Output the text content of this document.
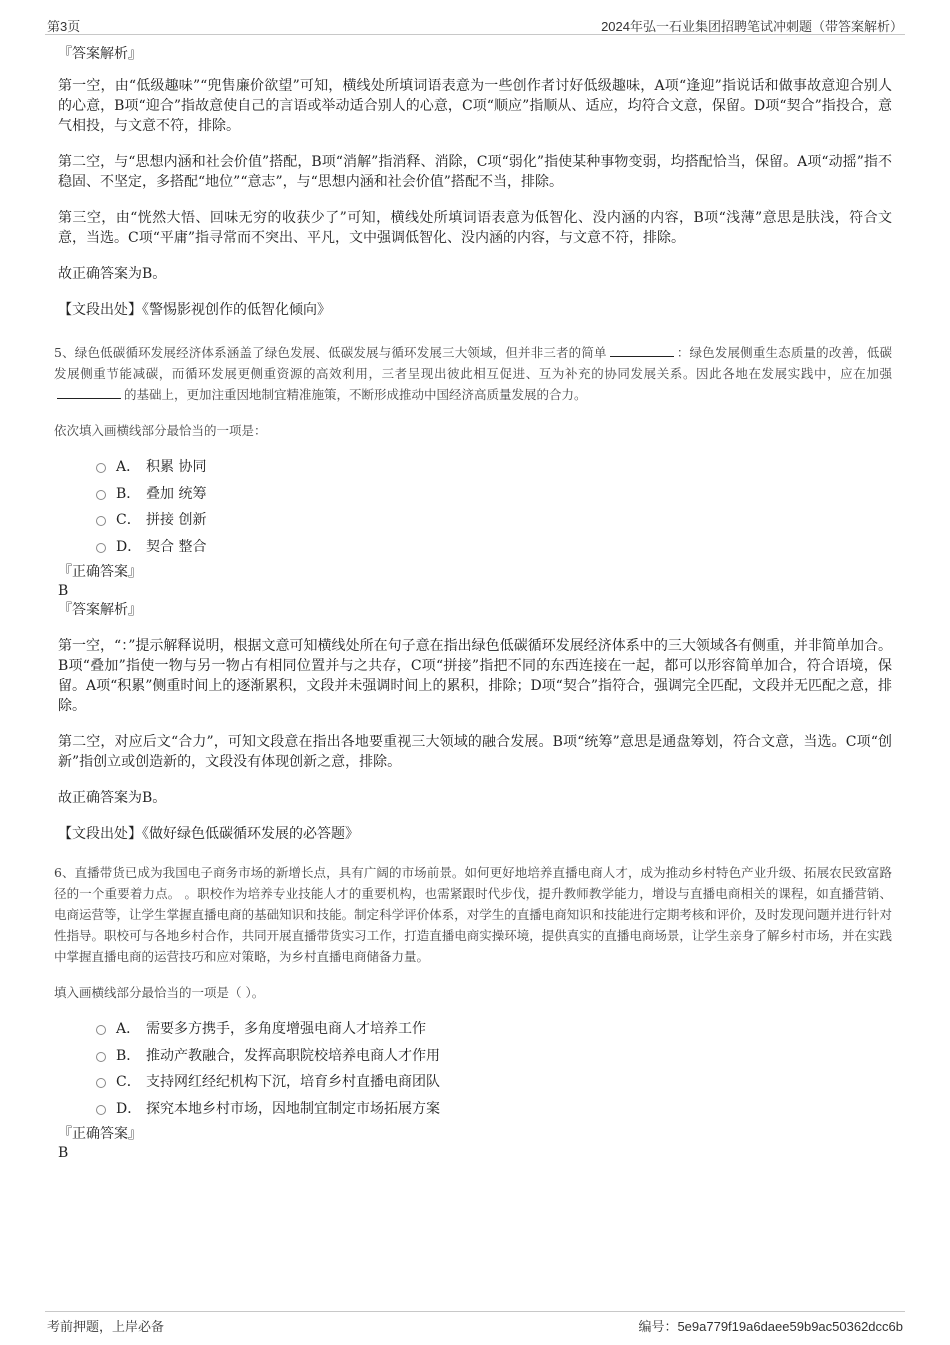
第3页	2024年弘一石业集团招聘笔试冲刺题（带答案解析）

『答案解析』

第一空，由“低级趣味”“兜售廉价欲望”可知，横线处所填词语表意为一些创作者讨好低级趣味，A项“逢迎”指说话和做事故意迎合别人的心意，B项“迎合”指故意使自己的言语或举动适合别人的心意，C项“顺应”指顺从、适应，均符合文意，保留。D项“契合”指投合，意气相投，与文意不符，排除。

第二空，与“思想内涵和社会价值”搭配，B项“消解”指消释、消除，C项“弱化”指使某种事物变弱，均搭配恰当，保留。A项“动摇”指不稳固、不坚定，多搭配“地位”“意志”，与“思想内涵和社会价值”搭配不当，排除。

第三空，由“恍然大悟、回味无穷的收获少了”可知，横线处所填词语表意为低智化、没内涵的内容，B项“浅薄”意思是肤浅，符合文意，当选。C项“平庸”指寻常而不突出、平凡，文中强调低智化、没内涵的内容，与文意不符，排除。

故正确答案为B。

【文段出处】《警惕影视创作的低智化倾向》

5、绿色低碳循环发展经济体系涵盖了绿色发展、低碳发展与循环发展三大领域，但并非三者的简单	：绿色发展侧重生态质量的改善，低碳发展侧重节能减碳，而循环发展更侧重资源的高效利用，三者呈现出彼此相互促进、互为补充的协同发展关系。因此各地在发展实践中，应在加强的基础上，更加注重因地制宜精准施策，不断形成推动中国经济高质量发展的合力。

依次填入画横线部分最恰当的一项是：

A． 积累 协同
B． 叠加 统筹
C． 拼接 创新
D． 契合 整合

『正确答案』

B

『答案解析』

第一空，“：”提示解释说明，根据文意可知横线处所在句子意在指出绿色低碳循环发展经济体系中的三大领域各有侧重，并非简单加合。B项“叠加”指使一物与另一物占有相同位置并与之共存，C项“拼接”指把不同的东西连接在一起，都可以形容简单加合，符合语境，保留。A项“积累”侧重时间上的逐渐累积，文段并未强调时间上的累积，排除；D项“契合”指符合，强调完全匹配，文段并无匹配之意，排除。

第二空，对应后文“合力”，可知文段意在指出各地要重视三大领域的融合发展。B项“统筹”意思是通盘筹划，符合文意，当选。C项“创新”指创立或创造新的，文段没有体现创新之意，排除。

故正确答案为B。

【文段出处】《做好绿色低碳循环发展的必答题》

6、直播带货已成为我国电子商务市场的新增长点，具有广阔的市场前景。如何更好地培养直播电商人才，成为推动乡村特色产业升级、拓展农民致富路径的一个重要着力点。 。职校作为培养专业技能人才的重要机构，也需紧跟时代步伐，提升教师教学能力，增设与直播电商相关的课程，如直播营销、电商运营等，让学生掌握直播电商的基础知识和技能。制定科学评价体系，对学生的直播电商知识和技能进行定期考核和评价，及时发现问题并进行针对性指导。职校可与各地乡村合作，共同开展直播带货实习工作，打造直播电商实操环境，提供真实的直播电商场景，让学生亲身了解乡村市场，并在实践中掌握直播电商的运营技巧和应对策略，为乡村直播电商储备力量。

填入画横线部分最恰当的一项是（ ）。

A． 需要多方携手，多角度增强电商人才培养工作
B． 推动产教融合，发挥高职院校培养电商人才作用
C． 支持网红经纪机构下沉，培育乡村直播电商团队
D． 探究本地乡村市场，因地制宜制定市场拓展方案

『正确答案』

B

考前押题，上岸必备	编号：5e9a779f19a6daee59b9ac50362dcc6b
